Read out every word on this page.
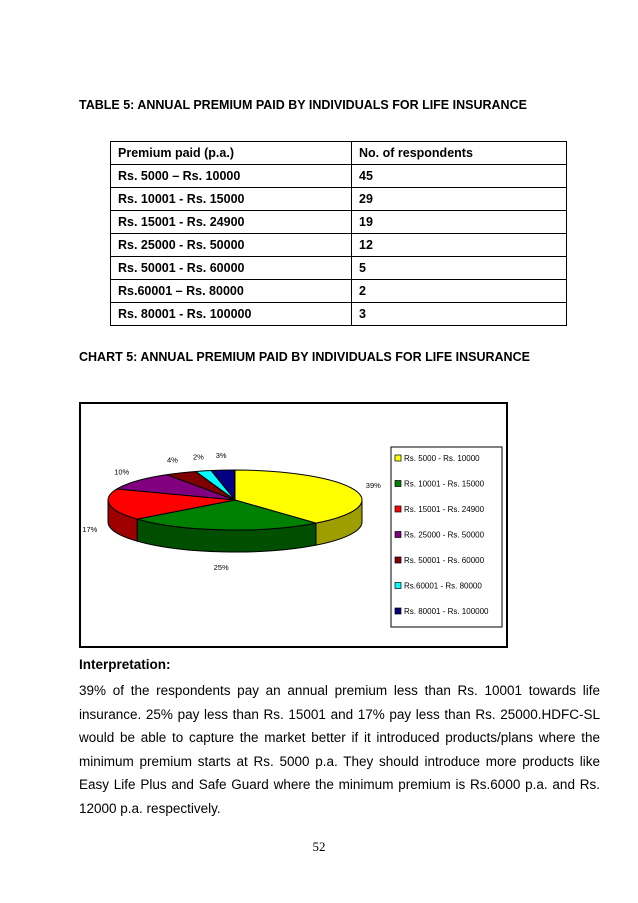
TABLE 5: ANNUAL PREMIUM PAID BY INDIVIDUALS FOR LIFE INSURANCE
Premium paid (p.a.)	No. of respondents
Rs. 5000 – Rs. 10000	45
Rs. 10001 - Rs. 15000	29
Rs. 15001 - Rs. 24900	19
Rs. 25000 - Rs. 50000	12
Rs. 50001 - Rs. 60000	5
Rs.60001 – Rs. 80000	2
Rs. 80001 - Rs. 100000	3
CHART 5: ANNUAL PREMIUM PAID BY INDIVIDUALS FOR LIFE INSURANCE
39%
25%
17%
10%
4% 2% 3%	Rs. 5000 - Rs. 10000
Rs. 10001 - Rs. 15000
Rs. 15001 - Rs. 24900
Rs. 25000 - Rs. 50000
Rs. 50001 - Rs. 60000
Rs.60001 - Rs. 80000
Rs. 80001 - Rs. 100000
Interpretation:
39% of the respondents pay an annual premium less than Rs. 10001 towards life insurance. 25% pay less than Rs. 15001 and 17% pay less than Rs. 25000.HDFC-SL would be able to capture the market better if it introduced products/plans where the minimum premium starts at Rs. 5000 p.a. They should introduce more products like Easy Life Plus and Safe Guard where the minimum premium is Rs.6000 p.a. and Rs. 12000 p.a. respectively.
52
